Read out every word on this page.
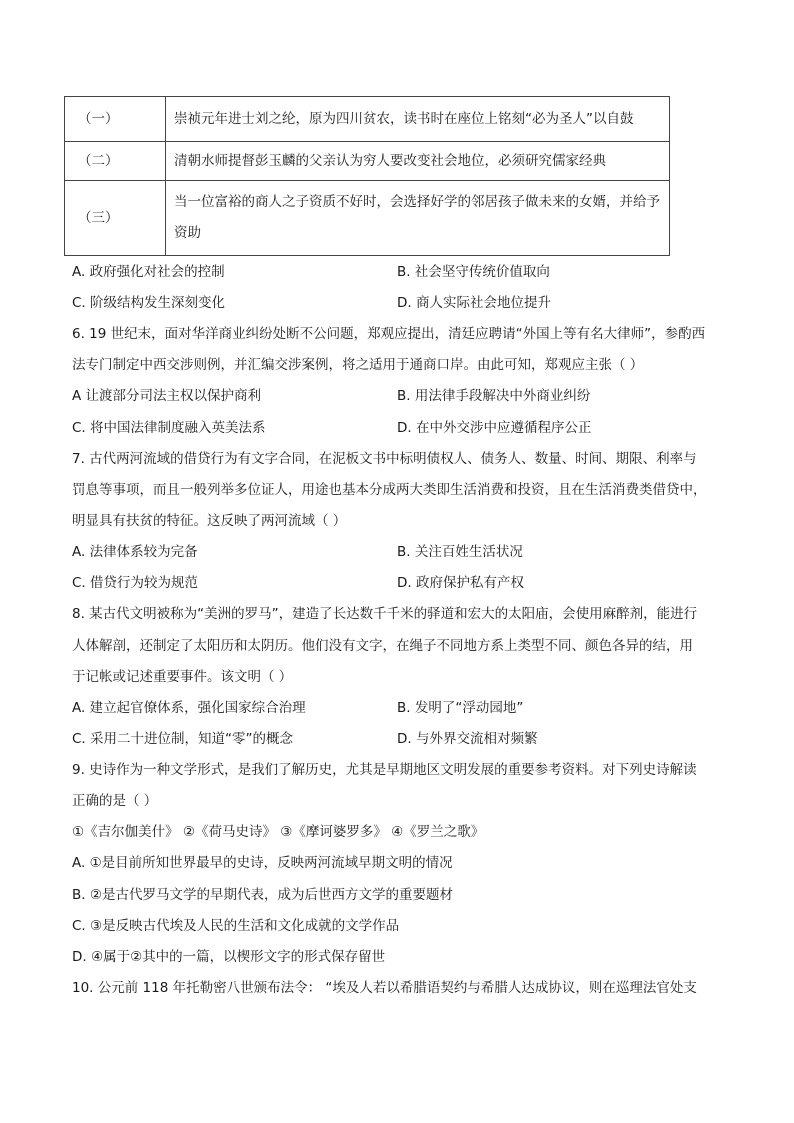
（一）	崇祯元年进士刘之纶，原为四川贫农，读书时在座位上铭刻“必为圣人”以自鼓
（二）	清朝水师提督彭玉麟的父亲认为穷人要改变社会地位，必须研究儒家经典
（三）	当一位富裕的商人之子资质不好时，会选择好学的邻居孩子做未来的女婿，并给予
资助
A. 政府强化对社会的控制	B. 社会坚守传统价值取向
C. 阶级结构发生深刻变化	D. 商人实际社会地位提升
6. 19 世纪末，面对华洋商业纠纷处断不公问题，郑观应提出，清廷应聘请“外国上等有名大律师”，参酌西
法专门制定中西交涉则例，并汇编交涉案例，将之适用于通商口岸。由此可知，郑观应主张（ ）
A 让渡部分司法主权以保护商利	B. 用法律手段解决中外商业纠纷
C. 将中国法律制度融入英美法系	D. 在中外交涉中应遵循程序公正
7. 古代两河流域的借贷行为有文字合同，在泥板文书中标明债权人、债务人、数量、时间、期限、利率与
罚息等事项，而且一般列举多位证人，用途也基本分成两大类即生活消费和投资，且在生活消费类借贷中，
明显具有扶贫的特征。这反映了两河流域（ ）
A. 法律体系较为完备	B. 关注百姓生活状况
C. 借贷行为较为规范	D. 政府保护私有产权
8. 某古代文明被称为“美洲的罗马”，建造了长达数千千米的驿道和宏大的太阳庙，会使用麻醉剂，能进行
人体解剖，还制定了太阳历和太阴历。他们没有文字，在绳子不同地方系上类型不同、颜色各异的结，用
于记帐或记述重要事件。该文明（ ）
A. 建立起官僚体系，强化国家综合治理	B. 发明了“浮动园地”
C. 采用二十进位制，知道“零”的概念	D. 与外界交流相对频繁
9. 史诗作为一种文学形式，是我们了解历史，尤其是早期地区文明发展的重要参考资料。对下列史诗解读
正确的是（ ）
①《吉尔伽美什》 ②《荷马史诗》 ③《摩诃婆罗多》 ④《罗兰之歌》
A. ①是目前所知世界最早的史诗，反映两河流域早期文明的情况
B. ②是古代罗马文学的早期代表，成为后世西方文学的重要题材
C. ③是反映古代埃及人民的生活和文化成就的文学作品
D. ④属于②其中的一篇，以楔形文字的形式保存留世
10. 公元前 118 年托勒密八世颁布法令： “埃及人若以希腊语契约与希腊人达成协议，则在巡理法官处支
